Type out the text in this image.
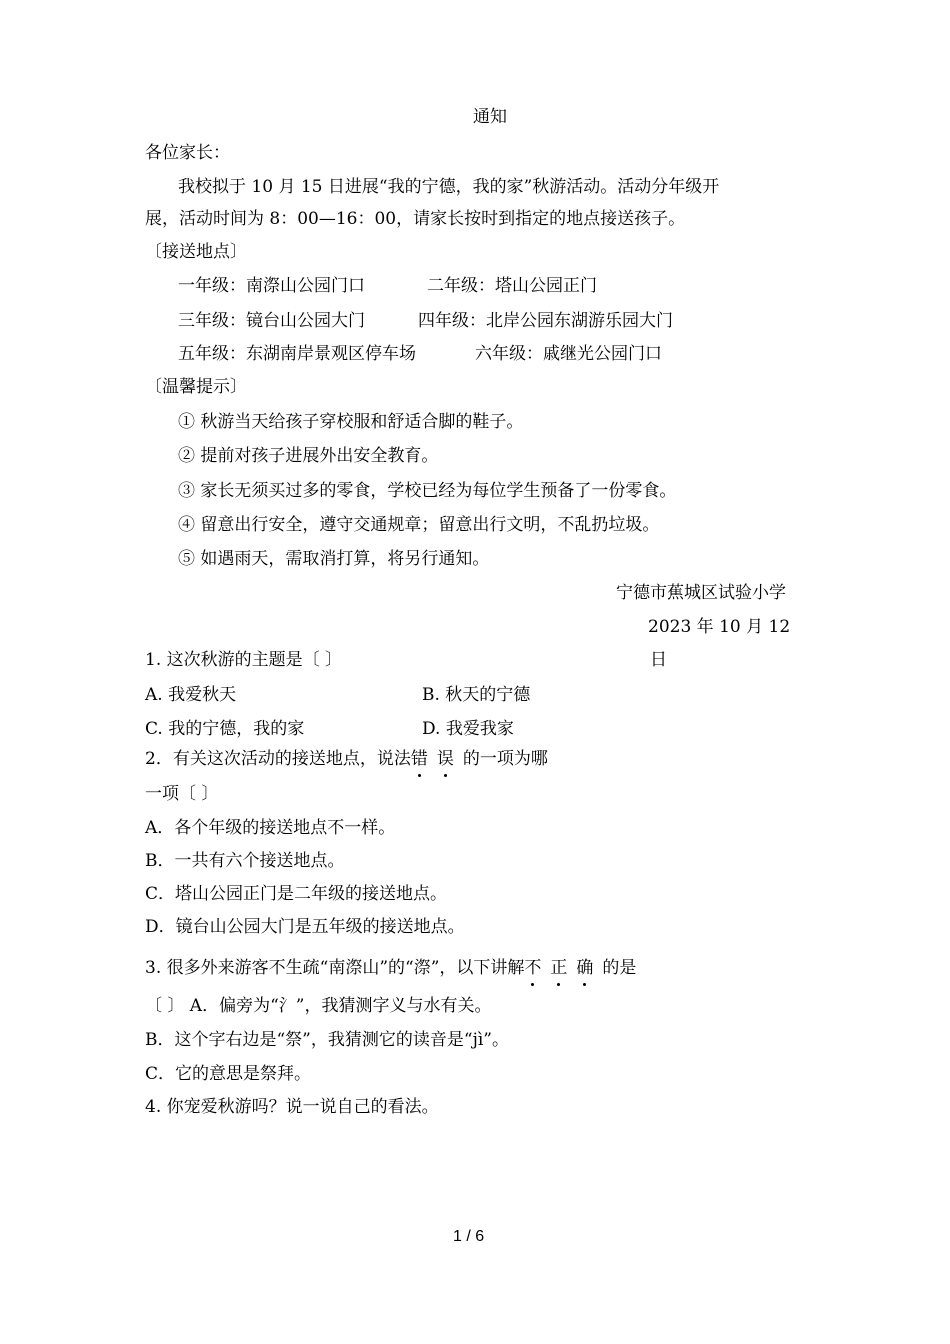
通知
各位家长：
我校拟于 10 月 15 日进展“我的宁德，我的家”秋游活动。活动分年级开
展，活动时间为 8：00—16：00，请家长按时到指定的地点接送孩子。
〔接送地点〕
一年级：南漈山公园门口	二年级：塔山公园正门
三年级：镜台山公园大门	四年级：北岸公园东湖游乐园大门
五年级：东湖南岸景观区停车场	六年级：戚继光公园门口
〔温馨提示〕
① 秋游当天给孩子穿校服和舒适合脚的鞋子。
② 提前对孩子进展外出安全教育。
③ 家长无须买过多的零食，学校已经为每位学生预备了一份零食。
④ 留意出行安全，遵守交通规章；留意出行文明，不乱扔垃圾。
⑤ 如遇雨天，需取消打算，将另行通知。
宁德市蕉城区试验小学
2023 年 10 月 12
日
1. 这次秋游的主题是〔 〕
A. 我爱秋天	B. 秋天的宁德
C. 我的宁德，我的家	D. 我爱我家
2．有关这次活动的接送地点，说法错 误 的一项为哪
一项〔 〕
A．各个年级的接送地点不一样。
B．一共有六个接送地点。
C．塔山公园正门是二年级的接送地点。
D．镜台山公园大门是五年级的接送地点。
3. 很多外来游客不生疏“南漈山”的“漈”，以下讲解不 正 确 的是
〔 〕 A．偏旁为“氵”，我猜测字义与水有关。
B．这个字右边是“祭”，我猜测它的读音是“jì”。
C．它的意思是祭拜。
4. 你宠爱秋游吗？说一说自己的看法。
1 / 6
